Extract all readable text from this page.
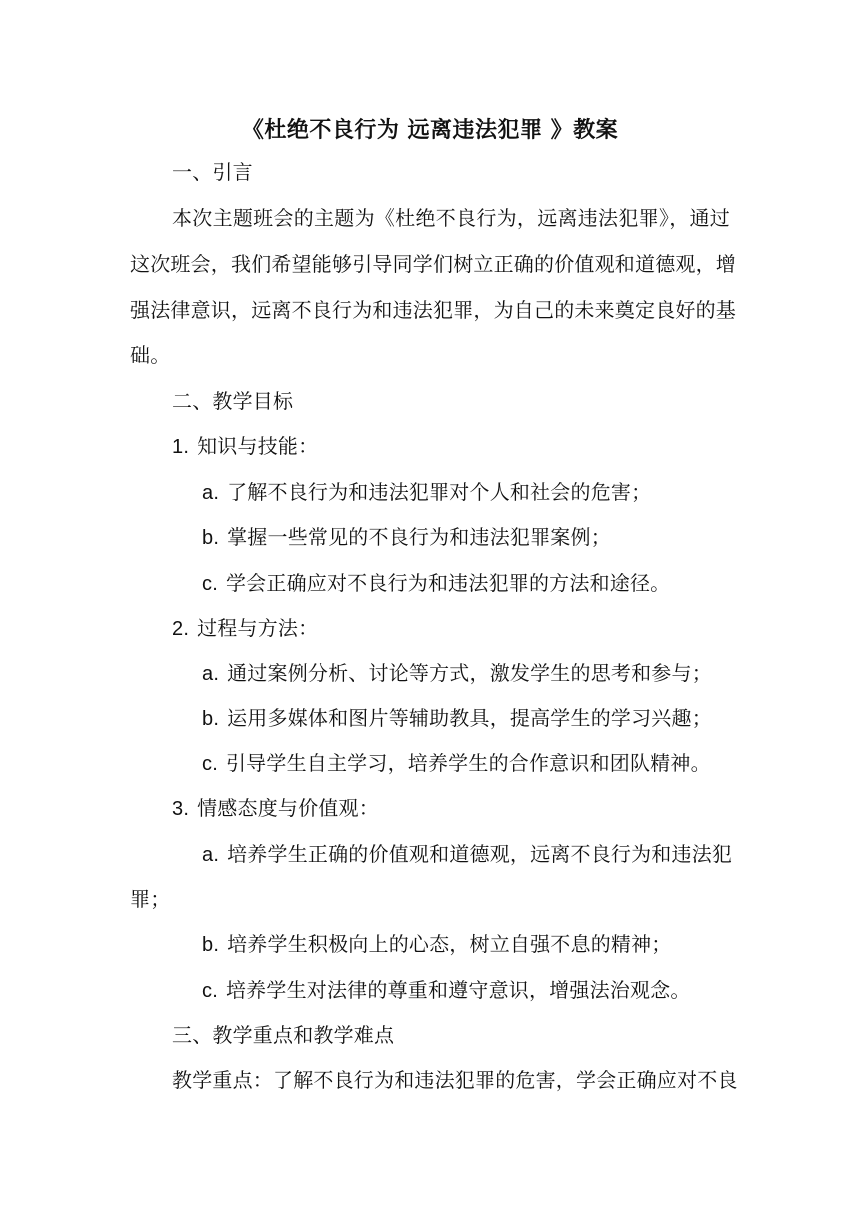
《杜绝不良行为 远离违法犯罪 》教案
一、引言
本次主题班会的主题为《杜绝不良行为，远离违法犯罪》，通过
这次班会，我们希望能够引导同学们树立正确的价值观和道德观，增
强法律意识，远离不良行为和违法犯罪，为自己的未来奠定良好的基
础。
二、教学目标
1. 知识与技能：
a. 了解不良行为和违法犯罪对个人和社会的危害；
b. 掌握一些常见的不良行为和违法犯罪案例；
c. 学会正确应对不良行为和违法犯罪的方法和途径。
2. 过程与方法：
a. 通过案例分析、讨论等方式，激发学生的思考和参与；
b. 运用多媒体和图片等辅助教具，提高学生的学习兴趣；
c. 引导学生自主学习，培养学生的合作意识和团队精神。
3. 情感态度与价值观：
a. 培养学生正确的价值观和道德观，远离不良行为和违法犯
罪；
b. 培养学生积极向上的心态，树立自强不息的精神；
c. 培养学生对法律的尊重和遵守意识，增强法治观念。
三、教学重点和教学难点
教学重点：了解不良行为和违法犯罪的危害，学会正确应对不良
